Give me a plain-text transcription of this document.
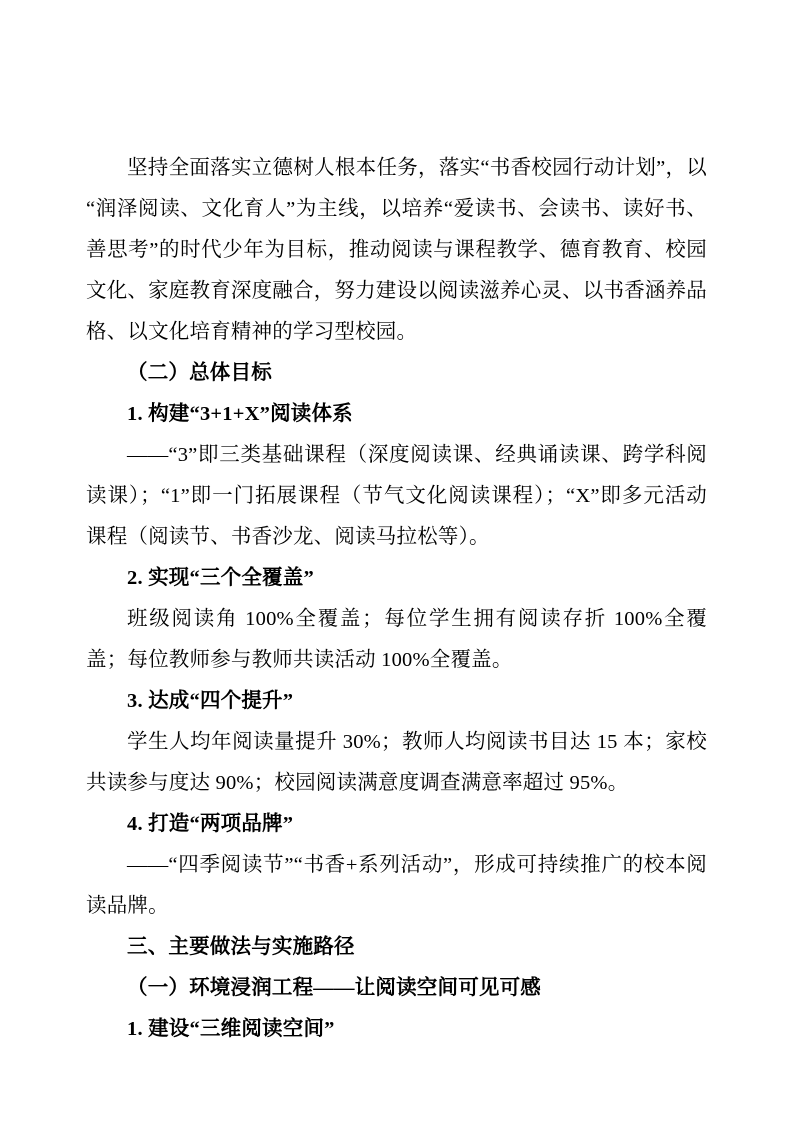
坚持全面落实立德树人根本任务，落实“书香校园行动计划”，以“润泽阅读、文化育人”为主线，以培养“爱读书、会读书、读好书、善思考”的时代少年为目标，推动阅读与课程教学、德育教育、校园文化、家庭教育深度融合，努力建设以阅读滋养心灵、以书香涵养品格、以文化培育精神的学习型校园。

（二）总体目标

1. 构建“3+1+X”阅读体系

——“3”即三类基础课程（深度阅读课、经典诵读课、跨学科阅读课）；“1”即一门拓展课程（节气文化阅读课程）；“X”即多元活动课程（阅读节、书香沙龙、阅读马拉松等）。

2. 实现“三个全覆盖”

班级阅读角 100%全覆盖；每位学生拥有阅读存折 100%全覆盖；每位教师参与教师共读活动 100%全覆盖。

3. 达成“四个提升”

学生人均年阅读量提升 30%；教师人均阅读书目达 15 本；家校共读参与度达 90%；校园阅读满意度调查满意率超过 95%。

4. 打造“两项品牌”

——“四季阅读节”“书香+系列活动”，形成可持续推广的校本阅读品牌。

三、主要做法与实施路径

（一）环境浸润工程——让阅读空间可见可感

1. 建设“三维阅读空间”
